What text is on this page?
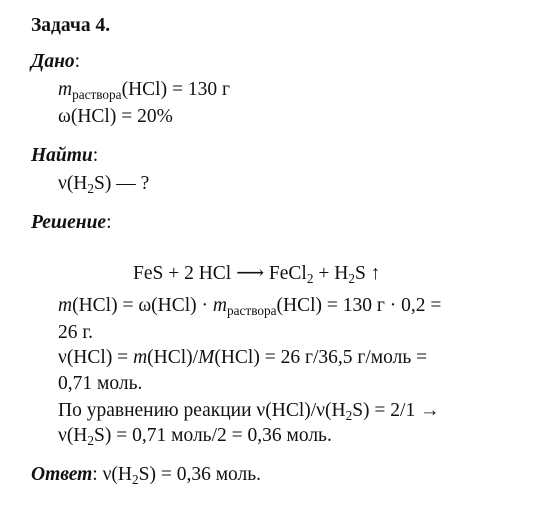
Задача 4.
Дано:
$m_{раствора}(HCl) = 130$ г
ω(HCl) = 20%
Найти:
$\nu(H_2S)$ — ?
Решение:
FeS + 2 HCl ⟶ FeCl$_2$ + $H_2S$ ↑
$m(HCl) = \omega(HCl) \cdot m_{раствора}(HCl) = 130$ г · 0,2 =
26 г.
ν(HCl) = m(HCl)/M(HCl) = 26 г/36,5 г/моль =
0,71 моль.
По уравнению реакции $\nu(HCl)/\nu(H_2S) = 2/1$ →
$\nu(H_2S) = 0,71$ моль/2 = 0,36 моль.
Ответ: $\nu(H_2S) = 0,36$ моль.
